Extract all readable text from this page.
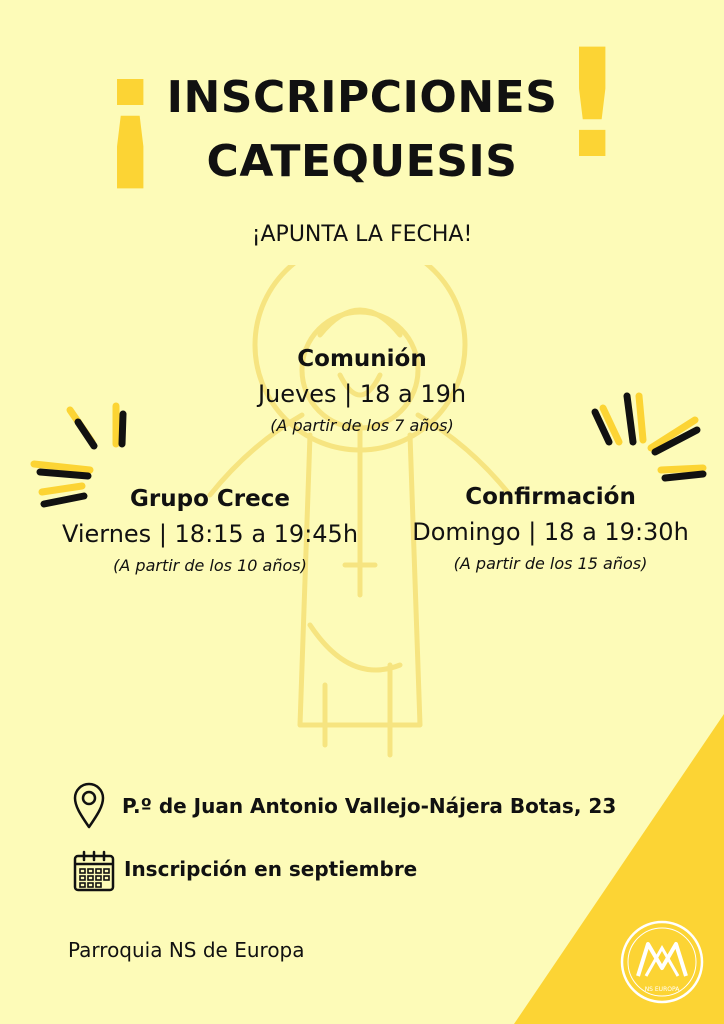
¡	!
INSCRIPCIONES
CATEQUESIS
¡APUNTA LA FECHA!
Comunión
Jueves | 18 a 19h
(A partir de los 7 años)
Grupo Crece
Viernes | 18:15 a 19:45h
(A partir de los 10 años)
Confirmación
Domingo | 18 a 19:30h
(A partir de los 15 años)
P.º de Juan Antonio Vallejo-Nájera Botas, 23
Inscripción en septiembre
Parroquia NS de Europa
NS EUROPA
